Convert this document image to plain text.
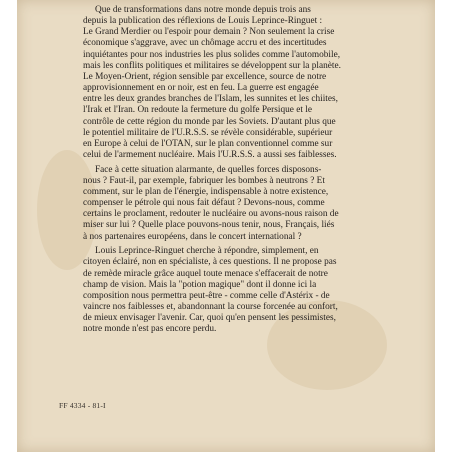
Que de transformations dans notre monde depuis trois ans
depuis la publication des réflexions de Louis Leprince-Ringuet :
Le Grand Merdier ou l'espoir pour demain ? Non seulement la crise
économique s'aggrave, avec un chômage accru et des incertitudes
inquiétantes pour nos industries les plus solides comme l'automobile,
mais les conflits politiques et militaires se développent sur la planète.
Le Moyen-Orient, région sensible par excellence, source de notre
approvisionnement en or noir, est en feu. La guerre est engagée
entre les deux grandes branches de l'Islam, les sunnites et les chiites,
l'Irak et l'Iran. On redoute la fermeture du golfe Persique et le
contrôle de cette région du monde par les Soviets. D'autant plus que
le potentiel militaire de l'U.R.S.S. se révèle considérable, supérieur
en Europe à celui de l'OTAN, sur le plan conventionnel comme sur
celui de l'armement nucléaire. Mais l'U.R.S.S. a aussi ses faiblesses.
Face à cette situation alarmante, de quelles forces disposons-
nous ? Faut-il, par exemple, fabriquer les bombes à neutrons ? Et
comment, sur le plan de l'énergie, indispensable à notre existence,
compenser le pétrole qui nous fait défaut ? Devons-nous, comme
certains le proclament, redouter le nucléaire ou avons-nous raison de
miser sur lui ? Quelle place pouvons-nous tenir, nous, Français, liés
à nos partenaires européens, dans le concert international ?
Louis Leprince-Ringuet cherche à répondre, simplement, en
citoyen éclairé, non en spécialiste, à ces questions. Il ne propose pas
de remède miracle grâce auquel toute menace s'effacerait de notre
champ de vision. Mais la "potion magique" dont il donne ici la
composition nous permettra peut-être - comme celle d'Astérix - de
vaincre nos faiblesses et, abandonnant la course forcenée au confort,
de mieux envisager l'avenir. Car, quoi qu'en pensent les pessimistes,
notre monde n'est pas encore perdu.
FF 4334 - 81-I
